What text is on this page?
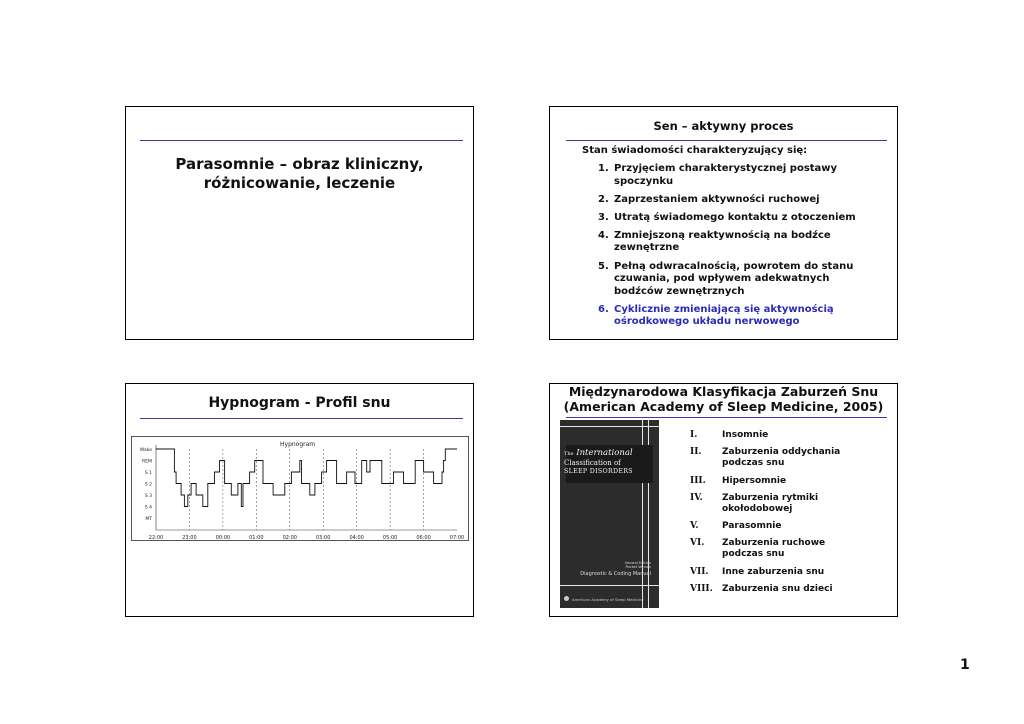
Parasomnie – obraz kliniczny,
różnicowanie, leczenie
Sen – aktywny proces
Stan świadomości charakteryzujący się:
1. Przyjęciem charakterystycznej postawy spoczynku
2. Zaprzestaniem aktywności ruchowej
3. Utratą świadomego kontaktu z otoczeniem
4. Zmniejszoną reaktywnością na bodźce zewnętrzne
5. Pełną odwracalnością, powrotem do stanu czuwania, pod wpływem adekwatnych bodźców zewnętrznych
6. Cyklicznie zmieniającą się aktywnością ośrodkowego układu nerwowego
Hypnogram - Profil snu
Hypnogram
Wake
REM
S 1
S 2
S 3
S 4
MT
22:00	23:00	00:00	01:00	02:00	03:00	04:00	05:00	06:00	07:00
Międzynarodowa Klasyfikacja Zaburzeń Snu
(American Academy of Sleep Medicine, 2005)
The International
Classification of
SLEEP DISORDERS
Second Edition
Pocket Version
Diagnostic & Coding Manual
American Academy of Sleep Medicine
I.	Insomnie
II.	Zaburzenia oddychania podczas snu
III.	Hipersomnie
IV.	Zaburzenia rytmiki okołodobowej
V.	Parasomnie
VI.	Zaburzenia ruchowe podczas snu
VII.	Inne zaburzenia snu
VIII.	Zaburzenia snu dzieci
1
